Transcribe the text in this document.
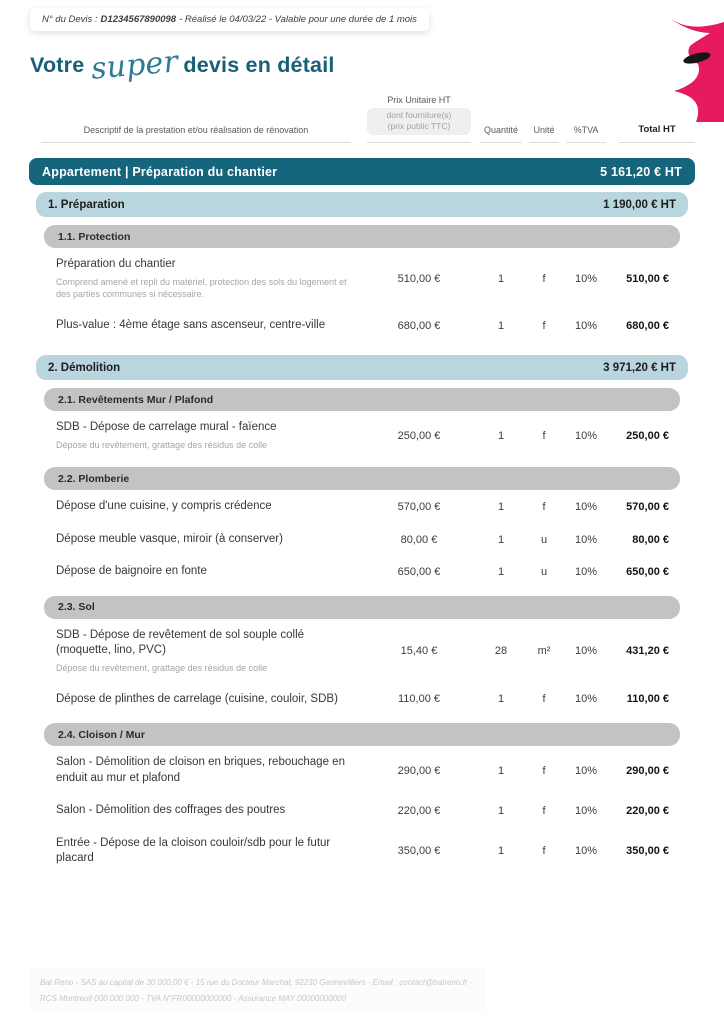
N° du Devis : D1234567890098 - Réalisé le 04/03/22 - Valable pour une durée de 1 mois
Votre super devis en détail
Descriptif de la prestation et/ou réalisation de rénovation
Prix Unitaire HT
dont fourniture(s)
(prix public TTC)	Quantité	Unité	%TVA	Total HT
Appartement | Préparation du chantier	5 161,20 € HT
1. Préparation	1 190,00 € HT
1.1. Protection
Préparation du chantier
Comprend amené et repli du matériel, protection des sols du logement et des parties communes si nécessaire.
510,00 €	1	f	10%	510,00 €
Plus-value : 4ème étage sans ascenseur, centre-ville	680,00 €	1	f	10%	680,00 €
2. Démolition	3 971,20 € HT
2.1. Revêtements Mur / Plafond
SDB - Dépose de carrelage mural - faïence
Dépose du revêtement, grattage des résidus de colle
250,00 €	1	f	10%	250,00 €
2.2. Plomberie
Dépose d'une cuisine, y compris crédence	570,00 €	1	f	10%	570,00 €
Dépose meuble vasque, miroir (à conserver)	80,00 €	1	u	10%	80,00 €
Dépose de baignoire en fonte	650,00 €	1	u	10%	650,00 €
2.3. Sol
SDB - Dépose de revêtement de sol souple collé (moquette, lino, PVC)
Dépose du revêtement, grattage des résidus de colle
15,40 €	28	m²	10%	431,20 €
Dépose de plinthes de carrelage (cuisine, couloir, SDB)	110,00 €	1	f	10%	110,00 €
2.4. Cloison / Mur
Salon - Démolition de cloison en briques, rebouchage en enduit au mur et plafond
290,00 €	1	f	10%	290,00 €
Salon - Démolition des coffrages des poutres	220,00 €	1	f	10%	220,00 €
Entrée - Dépose de la cloison couloir/sdb pour le futur placard
350,00 €	1	f	10%	350,00 €
Bat Reno - SAS au capital de 30 000,00 € - 15 rue du Docteur Marchal, 92230 Gennevilliers - Email : contact@batreno.fr - RCS Montreuil 000 000 000 - TVA N°FR00000000000 - Assurance MAY 00000000000
